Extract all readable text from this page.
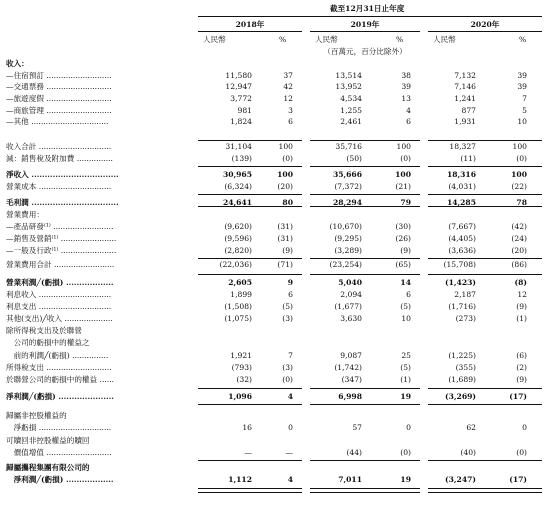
截至12月31日止年度
2018年	2019年	2020年
人民幣	%	人民幣	%	人民幣	%
（百萬元，百分比除外）
收入：
—住宿預訂 ...........................	11,580	37	13,514	38	7,132	39
—交通票務 ...........................	12,947	42	13,952	39	7,146	39
—旅遊度假 ...........................	3,772	12	4,534	13	1,241	7
—商旅管理 ...........................	981	3	1,255	4	877	5
—其他 ................................	1,824	6	2,461	6	1,931	10
收入合計 ..............................	31,104	100	35,716	100	18,327	100
減：銷售稅及附加費 ...............	(139)	(0)	(50)	(0)	(11)	(0)
淨收入 .................................	30,965	100	35,666	100	18,316	100
營業成本 ..............................	(6,324)	(20)	(7,372)	(21)	(4,031)	(22)
毛利潤 .................................	24,641	80	28,294	79	14,285	78
營業費用：
—產品研發⁽¹⁾ .........................	(9,620)	(31)	(10,670)	(30)	(7,667)	(42)
—銷售及營銷⁽¹⁾ .......................	(9,596)	(31)	(9,295)	(26)	(4,405)	(24)
—一般及行政⁽¹⁾ .......................	(2,820)	(9)	(3,289)	(9)	(3,636)	(20)
營業費用合計 .........................	(22,036)	(71)	(23,254)	(65)	(15,708)	(86)
營業利潤╱(虧損) ..................	2,605	9	5,040	14	(1,423)	(8)
利息收入 ..............................	1,899	6	2,094	6	2,187	12
利息支出 ..............................	(1,508)	(5)	(1,677)	(5)	(1,716)	(9)
其他(支出)╱收入 ....................	(1,075)	(3)	3,630	10	(273)	(1)
除所得稅支出及於聯營
　公司的虧損中的權益之
　前的利潤╱(虧損) ...............	1,921	7	9,087	25	(1,225)	(6)
所得稅支出 ...........................	(793)	(3)	(1,742)	(5)	(355)	(2)
於聯營公司的虧損中的權益 ......	(32)	(0)	(347)	(1)	(1,689)	(9)
淨利潤╱(虧損) .....................	1,096	4	6,998	19	(3,269)	(17)
歸屬非控股權益的
　淨虧損 ..............................	16	0	57	0	62	0
可贖回非控股權益的贖回
　價值增值 ...........................	—	—	(44)	(0)	(40)	(0)
歸屬攜程集團有限公司的
　淨利潤╱(虧損) ..................	1,112	4	7,011	19	(3,247)	(17)
